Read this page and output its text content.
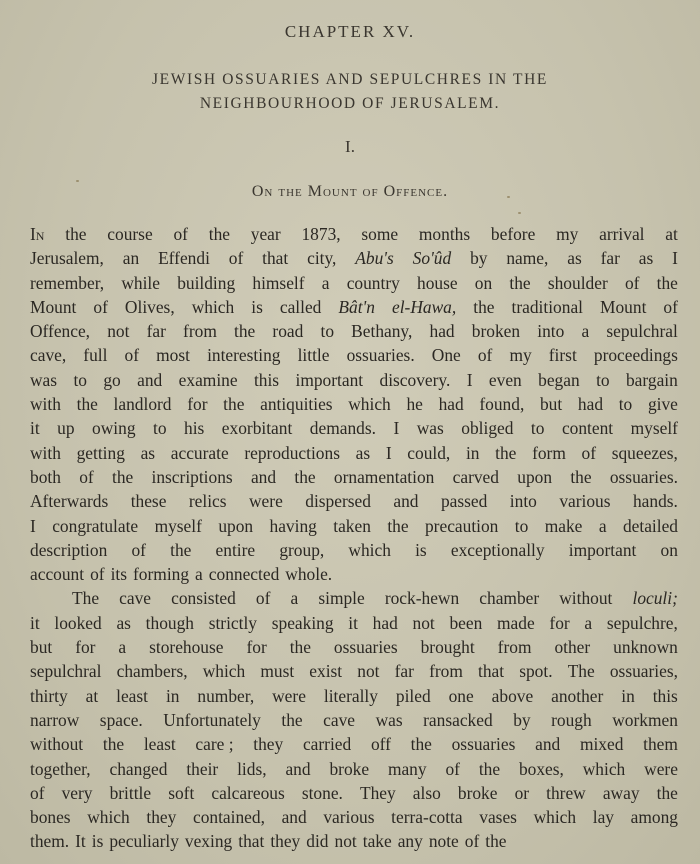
CHAPTER XV.
JEWISH OSSUARIES AND SEPULCHRES IN THE
NEIGHBOURHOOD OF JERUSALEM.
I.
On the Mount of Offence.
In the course of the year 1873, some months before my arrival at
Jerusalem, an Effendi of that city, Abu's So'ûd by name, as far as I
remember, while building himself a country house on the shoulder of the
Mount of Olives, which is called Bât'n el-Hawa, the traditional Mount of
Offence, not far from the road to Bethany, had broken into a sepulchral
cave, full of most interesting little ossuaries. One of my first proceedings
was to go and examine this important discovery. I even began to bargain
with the landlord for the antiquities which he had found, but had to give
it up owing to his exorbitant demands. I was obliged to content myself
with getting as accurate reproductions as I could, in the form of squeezes,
both of the inscriptions and the ornamentation carved upon the ossuaries.
Afterwards these relics were dispersed and passed into various hands.
I congratulate myself upon having taken the precaution to make a detailed
description of the entire group, which is exceptionally important on
account of its forming a connected whole.
The cave consisted of a simple rock-hewn chamber without loculi;
it looked as though strictly speaking it had not been made for a sepulchre,
but for a storehouse for the ossuaries brought from other unknown
sepulchral chambers, which must exist not far from that spot. The ossuaries,
thirty at least in number, were literally piled one above another in this
narrow space. Unfortunately the cave was ransacked by rough workmen
without the least care ; they carried off the ossuaries and mixed them
together, changed their lids, and broke many of the boxes, which were
of very brittle soft calcareous stone. They also broke or threw away the
bones which they contained, and various terra-cotta vases which lay among
them. It is peculiarly vexing that they did not take any note of the
